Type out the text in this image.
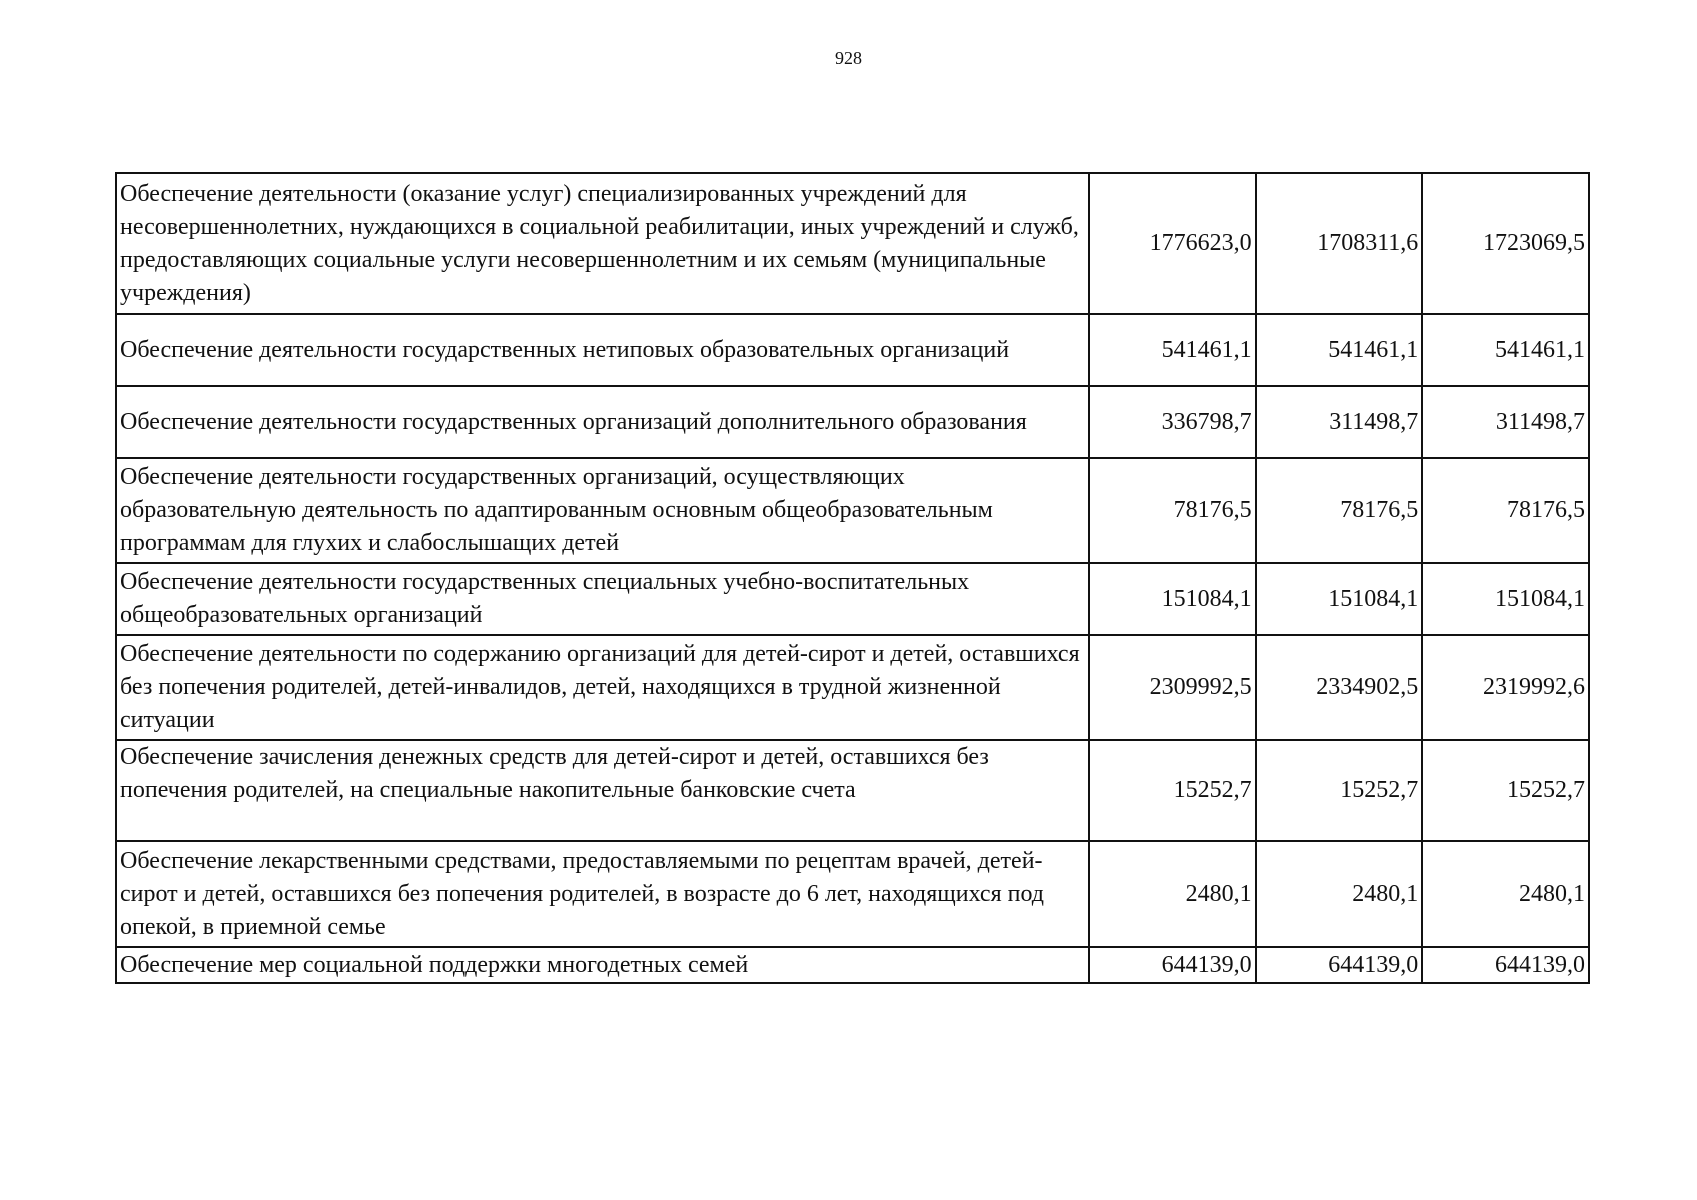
928
Обеспечение деятельности (оказание услуг) специализированных учреждений для несовершеннолетних, нуждающихся в социальной реабилитации, иных учреждений и служб, предоставляющих социальные услуги несовершеннолетним и их семьям (муниципальные учреждения)	1776623,0	1708311,6	1723069,5
Обеспечение деятельности государственных нетиповых образовательных организаций	541461,1	541461,1	541461,1
Обеспечение деятельности государственных организаций дополнительного образования	336798,7	311498,7	311498,7
Обеспечение деятельности государственных организаций, осуществляющих образовательную деятельность по адаптированным основным общеобразовательным программам для глухих и слабослышащих детей	78176,5	78176,5	78176,5
Обеспечение деятельности государственных специальных учебно-воспитательных общеобразовательных организаций	151084,1	151084,1	151084,1
Обеспечение деятельности по содержанию организаций для детей-сирот и детей, оставшихся без попечения родителей, детей-инвалидов, детей, находящихся в трудной жизненной ситуации	2309992,5	2334902,5	2319992,6
Обеспечение зачисления денежных средств для детей-сирот и детей, оставшихся без попечения родителей, на специальные накопительные банковские счета	15252,7	15252,7	15252,7
Обеспечение лекарственными средствами, предоставляемыми по рецептам врачей, детей-сирот и детей, оставшихся без попечения родителей, в возрасте до 6 лет, находящихся под опекой, в приемной семье	2480,1	2480,1	2480,1
Обеспечение мер социальной поддержки многодетных семей	644139,0	644139,0	644139,0
